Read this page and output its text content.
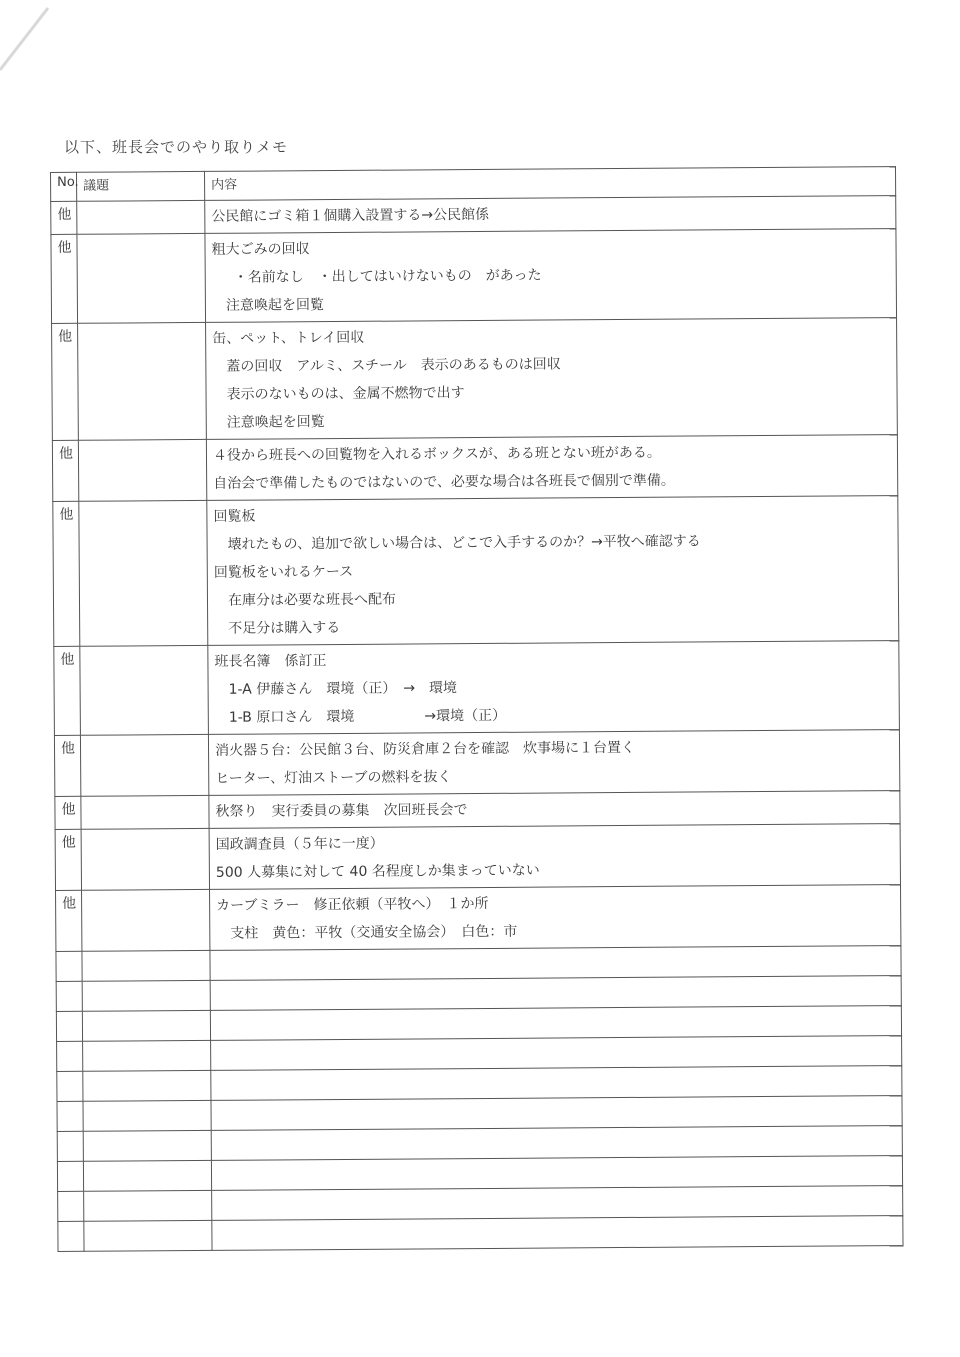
以下、班長会でのやり取りメモ
No.	議題	内容
他		公民館にゴミ箱１個購入設置する→公民館係

他		粗大ごみの回収
・名前なし　・出してはいけないもの　があった
注意喚起を回覧

他		缶、ペット、トレイ回収
蓋の回収　アルミ、スチール　表示のあるものは回収
表示のないものは、金属不燃物で出す
注意喚起を回覧

他		４役から班長への回覧物を入れるボックスが、ある班とない班がある。
自治会で準備したものではないので、必要な場合は各班長で個別で準備。

他		回覧板
壊れたもの、追加で欲しい場合は、どこで入手するのか？→平牧へ確認する
回覧板をいれるケース
在庫分は必要な班長へ配布
不足分は購入する

他		班長名簿　係訂正
1-A 伊藤さん　環境（正）　→　環境
1-B 原口さん　環境　　　　　→環境（正）

他		消火器５台：公民館３台、防災倉庫２台を確認　炊事場に１台置く
ヒーター、灯油ストーブの燃料を抜く

他		秋祭り　実行委員の募集　次回班長会で

他		国政調査員（５年に一度）
500 人募集に対して 40 名程度しか集まっていない

他		カーブミラー　修正依頼（平牧へ）　１か所
支柱　黄色：平牧（交通安全協会）　白色：市
